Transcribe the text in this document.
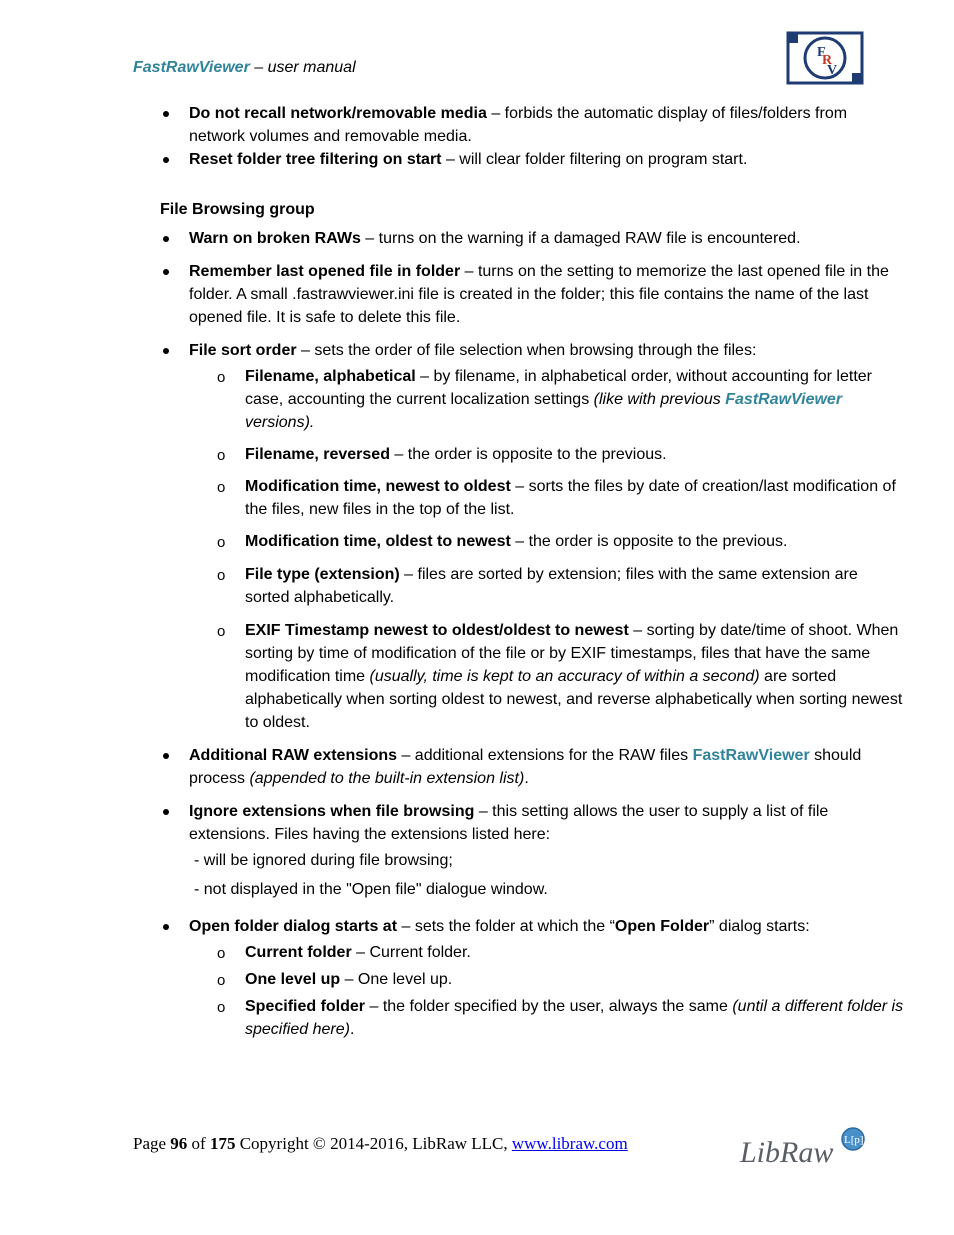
FastRawViewer – user manual
F
R
V
Do not recall network/removable media – forbids the automatic display of files/folders from network volumes and removable media.
Reset folder tree filtering on start – will clear folder filtering on program start.
File Browsing group
Warn on broken RAWs – turns on the warning if a damaged RAW file is encountered.
Remember last opened file in folder – turns on the setting to memorize the last opened file in the folder. A small .fastrawviewer.ini file is created in the folder; this file contains the name of the last opened file. It is safe to delete this file.
File sort order – sets the order of file selection when browsing through the files:
o Filename, alphabetical – by filename, in alphabetical order, without accounting for letter case, accounting the current localization settings (like with previous FastRawViewer versions).
o Filename, reversed – the order is opposite to the previous.
o Modification time, newest to oldest – sorts the files by date of creation/last modification of the files, new files in the top of the list.
o Modification time, oldest to newest – the order is opposite to the previous.
o File type (extension) – files are sorted by extension; files with the same extension are sorted alphabetically.
o EXIF Timestamp newest to oldest/oldest to newest – sorting by date/time of shoot. When sorting by time of modification of the file or by EXIF timestamps, files that have the same modification time (usually, time is kept to an accuracy of within a second) are sorted alphabetically when sorting oldest to newest, and reverse alphabetically when sorting newest to oldest.
Additional RAW extensions – additional extensions for the RAW files FastRawViewer should process (appended to the built-in extension list).
Ignore extensions when file browsing – this setting allows the user to supply a list of file extensions. Files having the extensions listed here:
- will be ignored during file browsing;
- not displayed in the "Open file" dialogue window.
Open folder dialog starts at – sets the folder at which the “Open Folder” dialog starts:
o Current folder – Current folder.
o One level up – One level up.
o Specified folder – the folder specified by the user, always the same (until a different folder is specified here).
Page 96 of 175 Copyright © 2014-2016, LibRaw LLC, www.libraw.com	LibRaw L[p]
